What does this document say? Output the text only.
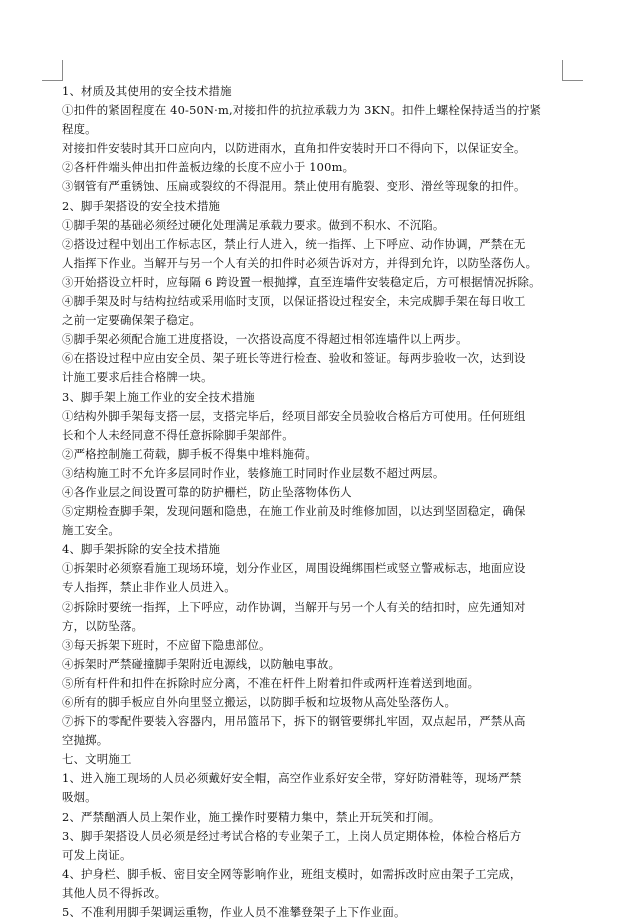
1、材质及其使用的安全技术措施
①扣件的紧固程度在 40-50N·m,对接扣件的抗拉承载力为 3KN。扣件上螺栓保持适当的拧紧
程度。
对接扣件安装时其开口应向内，以防进雨水，直角扣件安装时开口不得向下，以保证安全。
②各杆件端头伸出扣件盖板边缘的长度不应小于 100m。
③钢管有严重锈蚀、压扁或裂纹的不得混用。禁止使用有脆裂、变形、滑丝等现象的扣件。
2、脚手架搭设的安全技术措施
①脚手架的基础必须经过硬化处理满足承载力要求。做到不积水、不沉陷。
②搭设过程中划出工作标志区，禁止行人进入，统一指挥、上下呼应、动作协调，严禁在无
人指挥下作业。当解开与另一个人有关的扣件时必须告诉对方，并得到允许，以防坠落伤人。
③开始搭设立杆时，应每隔 6 跨设置一根抛撑，直至连墙件安装稳定后，方可根据情况拆除。
④脚手架及时与结构拉结或采用临时支顶，以保证搭设过程安全，未完成脚手架在每日收工
之前一定要确保架子稳定。
⑤脚手架必须配合施工进度搭设，一次搭设高度不得超过相邻连墙件以上两步。
⑥在搭设过程中应由安全员、架子班长等进行检查、验收和签证。每两步验收一次，达到设
计施工要求后挂合格牌一块。
3、脚手架上施工作业的安全技术措施
①结构外脚手架每支搭一层，支搭完毕后，经项目部安全员验收合格后方可使用。任何班组
长和个人未经同意不得任意拆除脚手架部件。
②严格控制施工荷载，脚手板不得集中堆料施荷。
③结构施工时不允许多层同时作业，装修施工时同时作业层数不超过两层。
④各作业层之间设置可靠的防护栅栏，防止坠落物体伤人
⑤定期检查脚手架，发现问题和隐患，在施工作业前及时维修加固，以达到坚固稳定，确保
施工安全。
4、脚手架拆除的安全技术措施
①拆架时必须察看施工现场环境，划分作业区，周围设绳绑围栏或竖立警戒标志，地面应设
专人指挥，禁止非作业人员进入。
②拆除时要统一指挥，上下呼应，动作协调，当解开与另一个人有关的结扣时，应先通知对
方，以防坠落。
③每天拆架下班时，不应留下隐患部位。
④拆架时严禁碰撞脚手架附近电源线，以防触电事故。
⑤所有杆件和扣件在拆除时应分离，不准在杆件上附着扣件或两杆连着送到地面。
⑥所有的脚手板应自外向里竖立搬运，以防脚手板和垃圾物从高处坠落伤人。
⑦拆下的零配件要装入容器内，用吊篮吊下，拆下的钢管要绑扎牢固，双点起吊，严禁从高
空抛掷。
七、文明施工
1、进入施工现场的人员必须戴好安全帽，高空作业系好安全带，穿好防滑鞋等，现场严禁
吸烟。
2、严禁酗酒人员上架作业，施工操作时要精力集中，禁止开玩笑和打闹。
3、脚手架搭设人员必须是经过考试合格的专业架子工，上岗人员定期体检，体检合格后方
可发上岗证。
4、护身栏、脚手板、密目安全网等影响作业，班组支模时，如需拆改时应由架子工完成，
其他人员不得拆改。
5、不准利用脚手架调运重物，作业人员不准攀登架子上下作业面。
